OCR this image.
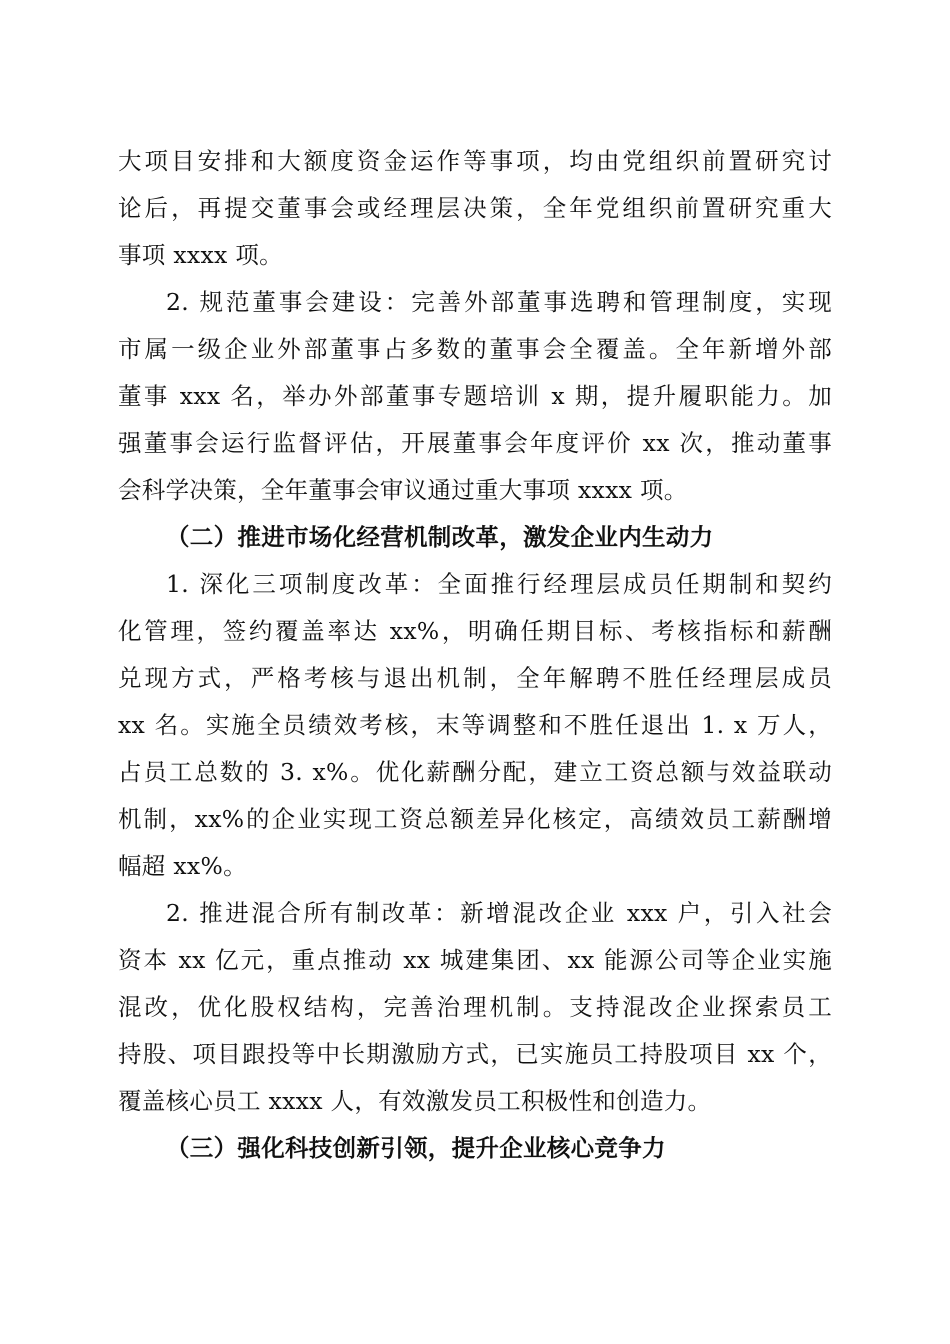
大项目安排和大额度资金运作等事项，均由党组织前置研究讨
论后，再提交董事会或经理层决策，全年党组织前置研究重大
事项 xxxx 项。
2. 规范董事会建设：完善外部董事选聘和管理制度，实现
市属一级企业外部董事占多数的董事会全覆盖。全年新增外部
董事 xxx 名，举办外部董事专题培训 x 期，提升履职能力。加
强董事会运行监督评估，开展董事会年度评价 xx 次，推动董事
会科学决策，全年董事会审议通过重大事项 xxxx 项。
（二）推进市场化经营机制改革，激发企业内生动力
1. 深化三项制度改革：全面推行经理层成员任期制和契约
化管理，签约覆盖率达 xx%，明确任期目标、考核指标和薪酬
兑现方式，严格考核与退出机制，全年解聘不胜任经理层成员
xx 名。实施全员绩效考核，末等调整和不胜任退出 1. x 万人，
占员工总数的 3. x%。优化薪酬分配，建立工资总额与效益联动
机制，xx%的企业实现工资总额差异化核定，高绩效员工薪酬增
幅超 xx%。
2. 推进混合所有制改革：新增混改企业 xxx 户，引入社会
资本 xx 亿元，重点推动 xx 城建集团、xx 能源公司等企业实施
混改，优化股权结构，完善治理机制。支持混改企业探索员工
持股、项目跟投等中长期激励方式，已实施员工持股项目 xx 个，
覆盖核心员工 xxxx 人，有效激发员工积极性和创造力。
（三）强化科技创新引领，提升企业核心竞争力
